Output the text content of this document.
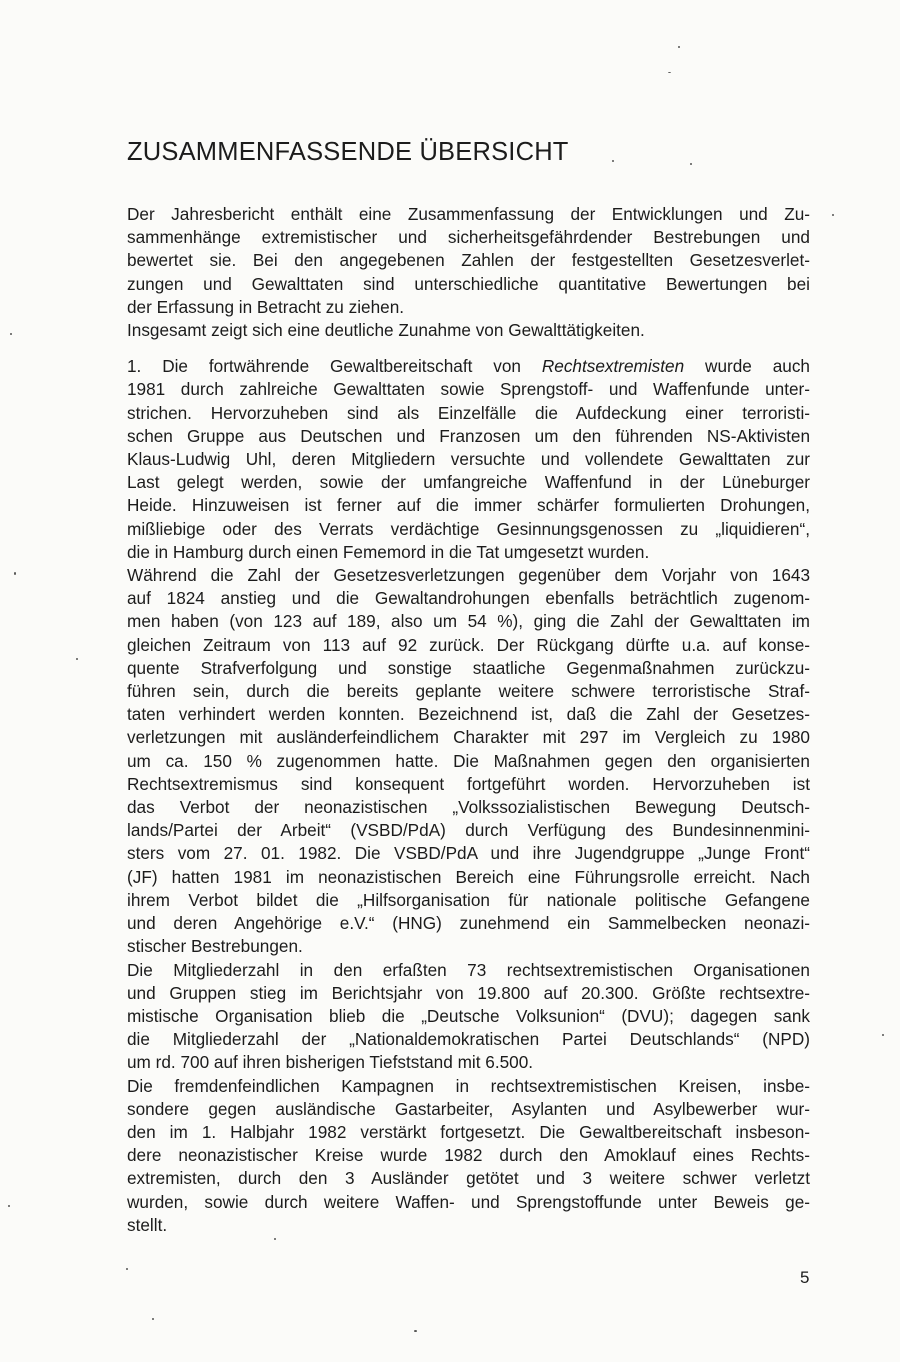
ZUSAMMENFASSENDE ÜBERSICHT
Der Jahresbericht enthält eine Zusammenfassung der Entwicklungen und Zu-
sammenhänge extremistischer und sicherheitsgefährdender Bestrebungen und
bewertet sie. Bei den angegebenen Zahlen der festgestellten Gesetzesverlet-
zungen und Gewalttaten sind unterschiedliche quantitative Bewertungen bei
der Erfassung in Betracht zu ziehen.
Insgesamt zeigt sich eine deutliche Zunahme von Gewalttätigkeiten.
1. Die fortwährende Gewaltbereitschaft von Rechtsextremisten wurde auch
1981 durch zahlreiche Gewalttaten sowie Sprengstoff- und Waffenfunde unter-
strichen. Hervorzuheben sind als Einzelfälle die Aufdeckung einer terroristi-
schen Gruppe aus Deutschen und Franzosen um den führenden NS-Aktivisten
Klaus-Ludwig Uhl, deren Mitgliedern versuchte und vollendete Gewalttaten zur
Last gelegt werden, sowie der umfangreiche Waffenfund in der Lüneburger
Heide. Hinzuweisen ist ferner auf die immer schärfer formulierten Drohungen,
mißliebige oder des Verrats verdächtige Gesinnungsgenossen zu „liquidieren“,
die in Hamburg durch einen Fememord in die Tat umgesetzt wurden.
Während die Zahl der Gesetzesverletzungen gegenüber dem Vorjahr von 1643
auf 1824 anstieg und die Gewaltandrohungen ebenfalls beträchtlich zugenom-
men haben (von 123 auf 189, also um 54 %), ging die Zahl der Gewalttaten im
gleichen Zeitraum von 113 auf 92 zurück. Der Rückgang dürfte u.a. auf konse-
quente Strafverfolgung und sonstige staatliche Gegenmaßnahmen zurückzu-
führen sein, durch die bereits geplante weitere schwere terroristische Straf-
taten verhindert werden konnten. Bezeichnend ist, daß die Zahl der Gesetzes-
verletzungen mit ausländerfeindlichem Charakter mit 297 im Vergleich zu 1980
um ca. 150 % zugenommen hatte. Die Maßnahmen gegen den organisierten
Rechtsextremismus sind konsequent fortgeführt worden. Hervorzuheben ist
das Verbot der neonazistischen „Volkssozialistischen Bewegung Deutsch-
lands/Partei der Arbeit“ (VSBD/PdA) durch Verfügung des Bundesinnenmini-
sters vom 27. 01. 1982. Die VSBD/PdA und ihre Jugendgruppe „Junge Front“
(JF) hatten 1981 im neonazistischen Bereich eine Führungsrolle erreicht. Nach
ihrem Verbot bildet die „Hilfsorganisation für nationale politische Gefangene
und deren Angehörige e.V.“ (HNG) zunehmend ein Sammelbecken neonazi-
stischer Bestrebungen.
Die Mitgliederzahl in den erfaßten 73 rechtsextremistischen Organisationen
und Gruppen stieg im Berichtsjahr von 19.800 auf 20.300. Größte rechtsextre-
mistische Organisation blieb die „Deutsche Volksunion“ (DVU); dagegen sank
die Mitgliederzahl der „Nationaldemokratischen Partei Deutschlands“ (NPD)
um rd. 700 auf ihren bisherigen Tiefststand mit 6.500.
Die fremdenfeindlichen Kampagnen in rechtsextremistischen Kreisen, insbe-
sondere gegen ausländische Gastarbeiter, Asylanten und Asylbewerber wur-
den im 1. Halbjahr 1982 verstärkt fortgesetzt. Die Gewaltbereitschaft insbeson-
dere neonazistischer Kreise wurde 1982 durch den Amoklauf eines Rechts-
extremisten, durch den 3 Ausländer getötet und 3 weitere schwer verletzt
wurden, sowie durch weitere Waffen- und Sprengstoffunde unter Beweis ge-
stellt.
5
